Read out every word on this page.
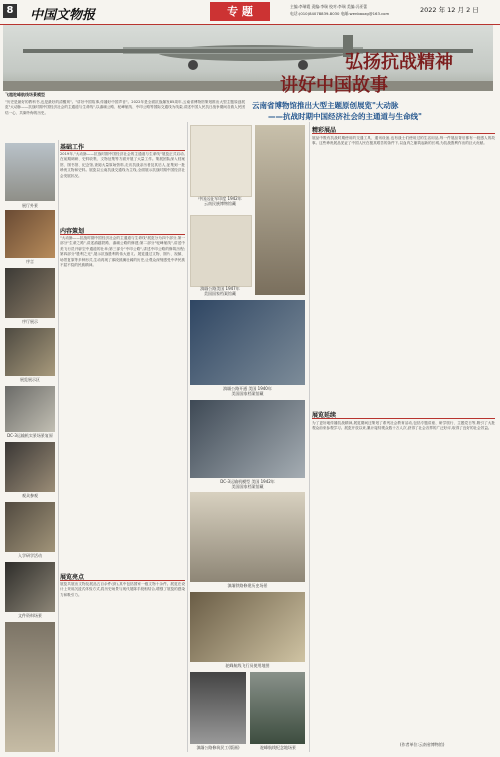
8 中国文物报	专 题	主编:李瑞霞 责编:李瑞 校对:李瑞 美编:冯亚蕾
电话:(010)84078839-8030 电邮:wenbaozg@163.com	2022 年 12 月 2 日
飞越驼峰航线场景模型
弘扬抗战精神
讲好中国故事
云南省博物馆推出大型主题原创展览"大动脉
——抗战时期中国经济社会的主通道与生命线"
"历史是最好的教科书,也是最好的清醒剂"。"讲好中国故事,传播好中国声音"。2022年是全面抗战爆发85周年,云南省博物馆策划推出大型主题原创展览"大动脉——抗战时期中国经济社会的主通道与生命线",以滇缅公路、驼峰航线、中印公路等国际交通线为线索,讲述中国人民抗日战争期间各族人民团结一心、共御外侮的历史。
展厅外景
序言
序厅展示
展览展示区
DC-3运输机实景场景复原
观众参观
入学研学活动
文件资料场景
基础工作
2019年,"大动脉——抗战时期中国经济社会的主通道与生命线"展览正式启动,在前期调研、史料收集、文物征集等方面开展了大量工作。策展团队深入档案馆、图书馆、纪念馆,查阅大量原始资料,走访抗战亲历者及其后人,征集到一批珍贵文物和史料。展览以云南抗战交通线为主线,全面展示抗战时期中国经济社会发展状况。
内容策划
"大动脉——抗战时期中国经济社会的主通道与生命线"展览分为四个部分,第一部分"生命之路",讲述滇越铁路、滇缅公路的修建;第二部分"驼峰航线",讲述中美飞行员开辟空中通道的壮举;第三部分"中印公路",讲述中印公路的修筑历程;第四部分"胜利之光",展示抗战胜利的伟大意义。展览通过文物、图片、视频、场景复原等多种形式,生动再现了那段波澜壮阔的历史,让观众深刻感受中华民族不屈不挠的民族精神。
展览亮点
展览共展出文物及展品五百余件(套),其中包括国家一级文物十余件。展览在设计上采用沉浸式体验方式,将历史场景与现代展陈手段相结合,增强了展览的感染力和吸引力。
中国远征军印度 1942年
云南民族博物馆藏
滇缅公路美国 1947年
美国国家档案馆藏
滇缅公路开通 美国 1940年
美国国家档案馆藏
DC-3运输机模型 美国 1942年
美国国家档案馆藏
滇缅铁路修建历史场景
驼峰航线飞行员使用地图
滇缅公路修筑民工(版画)	驼峰航线纪念地场景
精彩展品
展品中既有抗战时期使用的交通工具、通讯设备,也有战士们使用过的生活用品,每一件展品背后都有一段感人的故事。这些珍贵展品见证了中国人民在极其艰苦的条件下,以血肉之躯筑起新的长城,为抗战胜利作出的巨大贡献。
展览延续
为了更好地传播抗战精神,展览期间还策划了系列社会教育活动,包括专题讲座、研学旅行、主题党日等,吸引了大批观众前来参观学习。展览开放以来,累计接待观众数十万人次,获得了社会各界的广泛好评,取得了良好的社会效益。
(作者单位:云南省博物馆)
